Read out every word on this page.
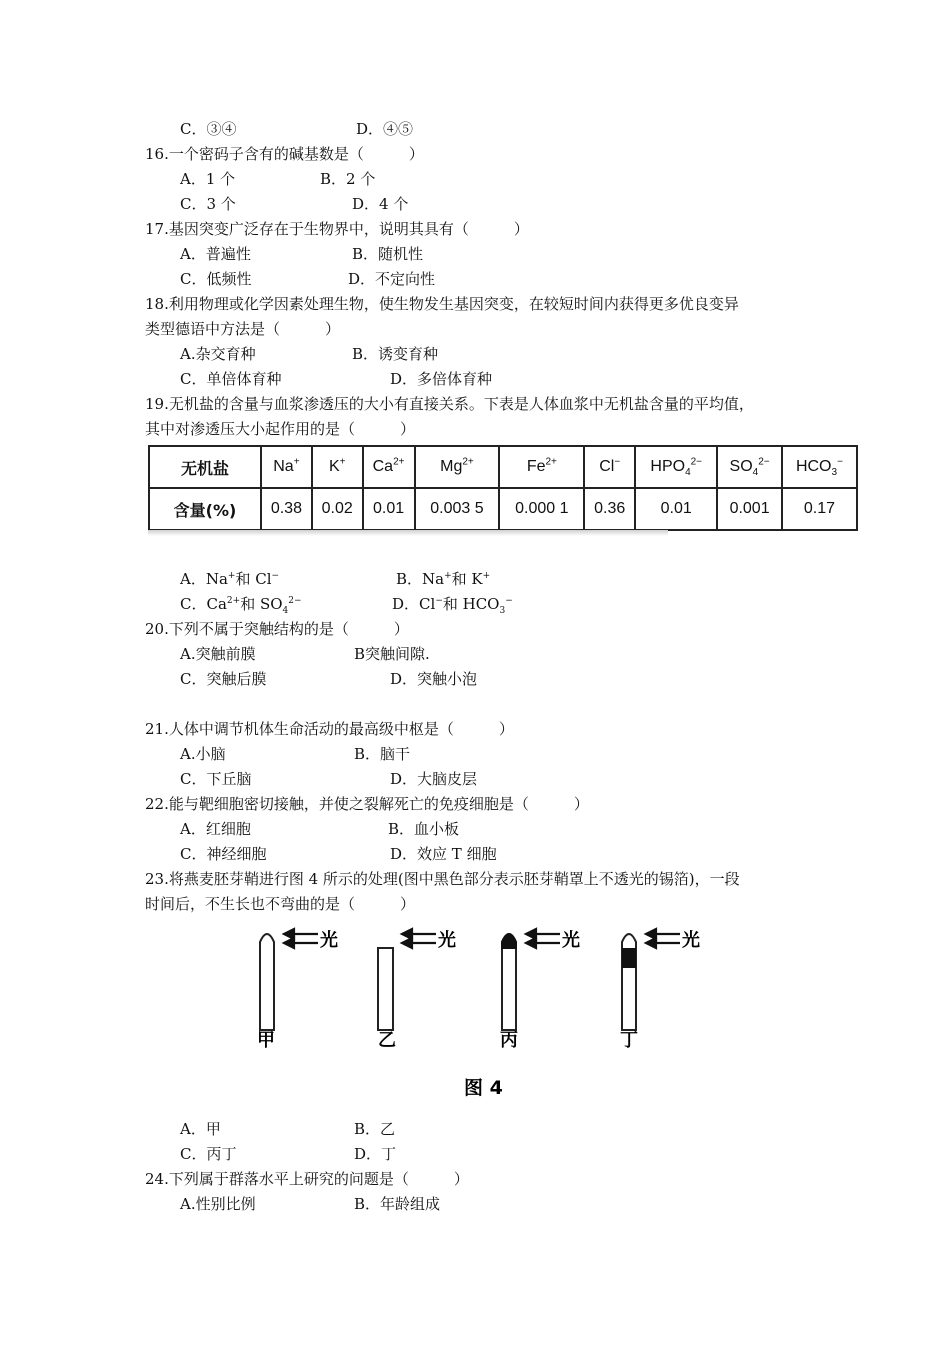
C．③④	D．④⑤
16.一个密码子含有的碱基数是（　　　）
A．1 个	B．2 个
C．3 个	D．4 个
17.基因突变广泛存在于生物界中，说明其具有（　　　）
A．普遍性	B．随机性
C．低频性	D．不定向性
18.利用物理或化学因素处理生物，使生物发生基因突变，在较短时间内获得更多优良变异
类型德语中方法是（　　　）
A.杂交育种	B．诱变育种
C．单倍体育种	D．多倍体育种
19.无机盐的含量与血浆渗透压的大小有直接关系。下表是人体血浆中无机盐含量的平均值，
其中对渗透压大小起作用的是（　　　）
无机盐	Na+	K+	$Ca^{2+}$	$Mg^{2+}$	$Fe^{2+}$	Cl−	$HPO_4^{2-}$	$SO_4^{2-}$	$HCO_3^-$
含量(%)	0.38	0.02	0.01	0.003 5	0.000 1	0.36	0.01	0.001	0.17
A．Na+和 Cl−	B．Na+和 K+
C．$Ca^{2+}$和 $SO_4^{2-}$	D．Cl−和 $HCO_3^-$
20.下列不属于突触结构的是（　　　）
A.突触前膜	B突触间隙.
C．突触后膜	D．突触小泡
21.人体中调节机体生命活动的最高级中枢是（　　　）
A.小脑	B．脑干
C．下丘脑	D．大脑皮层
22.能与靶细胞密切接触，并使之裂解死亡的免疫细胞是（　　　）
A．红细胞	B．血小板
C．神经细胞	D．效应 T 细胞
23.将燕麦胚芽鞘进行图 4 所示的处理(图中黑色部分表示胚芽鞘罩上不透光的锡箔)，一段
时间后，不生长也不弯曲的是（　　　）
光	光	光	光
甲	乙	丙	丁
图 4
A．甲	B．乙
C．丙丁	D．丁
24.下列属于群落水平上研究的问题是（　　　）
A.性别比例	B．年龄组成
